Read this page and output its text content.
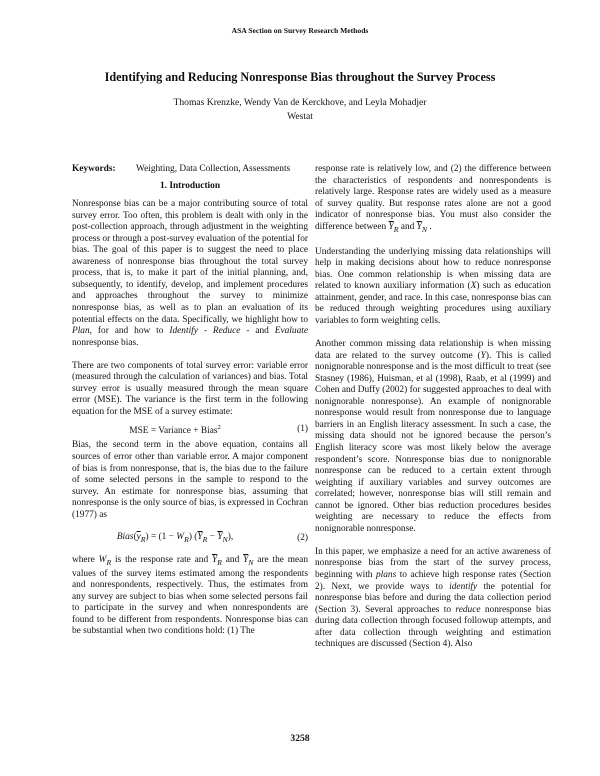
ASA Section on Survey Research Methods
Identifying and Reducing Nonresponse Bias throughout the Survey Process
Thomas Krenzke, Wendy Van de Kerckhove, and Leyla Mohadjer
Westat
Keywords:	Weighting, Data Collection, Assessments

1. Introduction

Nonresponse bias can be a major contributing source of total survey error. Too often, this problem is dealt with only in the post-collection approach, through adjustment in the weighting process or through a post-survey evaluation of the potential for bias. The goal of this paper is to suggest the need to place awareness of nonresponse bias throughout the total survey process, that is, to make it part of the initial planning, and, subsequently, to identify, develop, and implement procedures and approaches throughout the survey to minimize nonresponse bias, as well as to plan an evaluation of its potential effects on the data. Specifically, we highlight how to Plan, for and how to Identify - Reduce - and Evaluate nonresponse bias.

There are two components of total survey error: variable error (measured through the calculation of variances) and bias. Total survey error is usually measured through the mean square error (MSE). The variance is the first term in the following equation for the MSE of a survey estimate:

MSE = Variance + Bias$^2$	(1)

Bias, the second term in the above equation, contains all sources of error other than variable error. A major component of bias is from nonresponse, that is, the bias due to the failure of some selected persons in the sample to respond to the survey. An estimate for nonresponse bias, assuming that nonresponse is the only source of bias, is expressed in Cochran (1977) as

$Bias(\overline{y}_R) = (1 - W_R) (\overline{Y}_R - \overline{Y}_N)$,	(2)

where $W_R$ is the response rate and $\overline{Y}_R$ and $\overline{Y}_N$ are the mean values of the survey items estimated among the respondents and nonrespondents, respectively. Thus, the estimates from any survey are subject to bias when some selected persons fail to participate in the survey and when nonrespondents are found to be different from respondents. Nonresponse bias can be substantial when two conditions hold: (1) The

response rate is relatively low, and (2) the difference between the characteristics of respondents and nonrespondents is relatively large. Response rates are widely used as a measure of survey quality. But response rates alone are not a good indicator of nonresponse bias. You must also consider the difference between $\overline{Y}_R$ and $\overline{Y}_N$ .

Understanding the underlying missing data relationships will help in making decisions about how to reduce nonresponse bias. One common relationship is when missing data are related to known auxiliary information (X) such as education attainment, gender, and race. In this case, nonresponse bias can be reduced through weighting procedures using auxiliary variables to form weighting cells.

Another common missing data relationship is when missing data are related to the survey outcome (Y). This is called nonignorable nonresponse and is the most difficult to treat (see Stasney (1986), Huisman, et al (1998), Raab, et al (1999) and Cohen and Duffy (2002) for suggested approaches to deal with nonignorable nonresponse). An example of nonignorable nonresponse would result from nonresponse due to language barriers in an English literacy assessment. In such a case, the missing data should not be ignored because the person’s English literacy score was most likely below the average respondent’s score. Nonresponse bias due to nonignorable nonresponse can be reduced to a certain extent through weighting if auxiliary variables and survey outcomes are correlated; however, nonresponse bias will still remain and cannot be ignored. Other bias reduction procedures besides weighting are necessary to reduce the effects from nonignorable nonresponse.

In this paper, we emphasize a need for an active awareness of nonresponse bias from the start of the survey process, beginning with plans to achieve high response rates (Section 2). Next, we provide ways to identify the potential for nonresponse bias before and during the data collection period (Section 3). Several approaches to reduce nonresponse bias during data collection through focused followup attempts, and after data collection through weighting and estimation techniques are discussed (Section 4). Also

3258
